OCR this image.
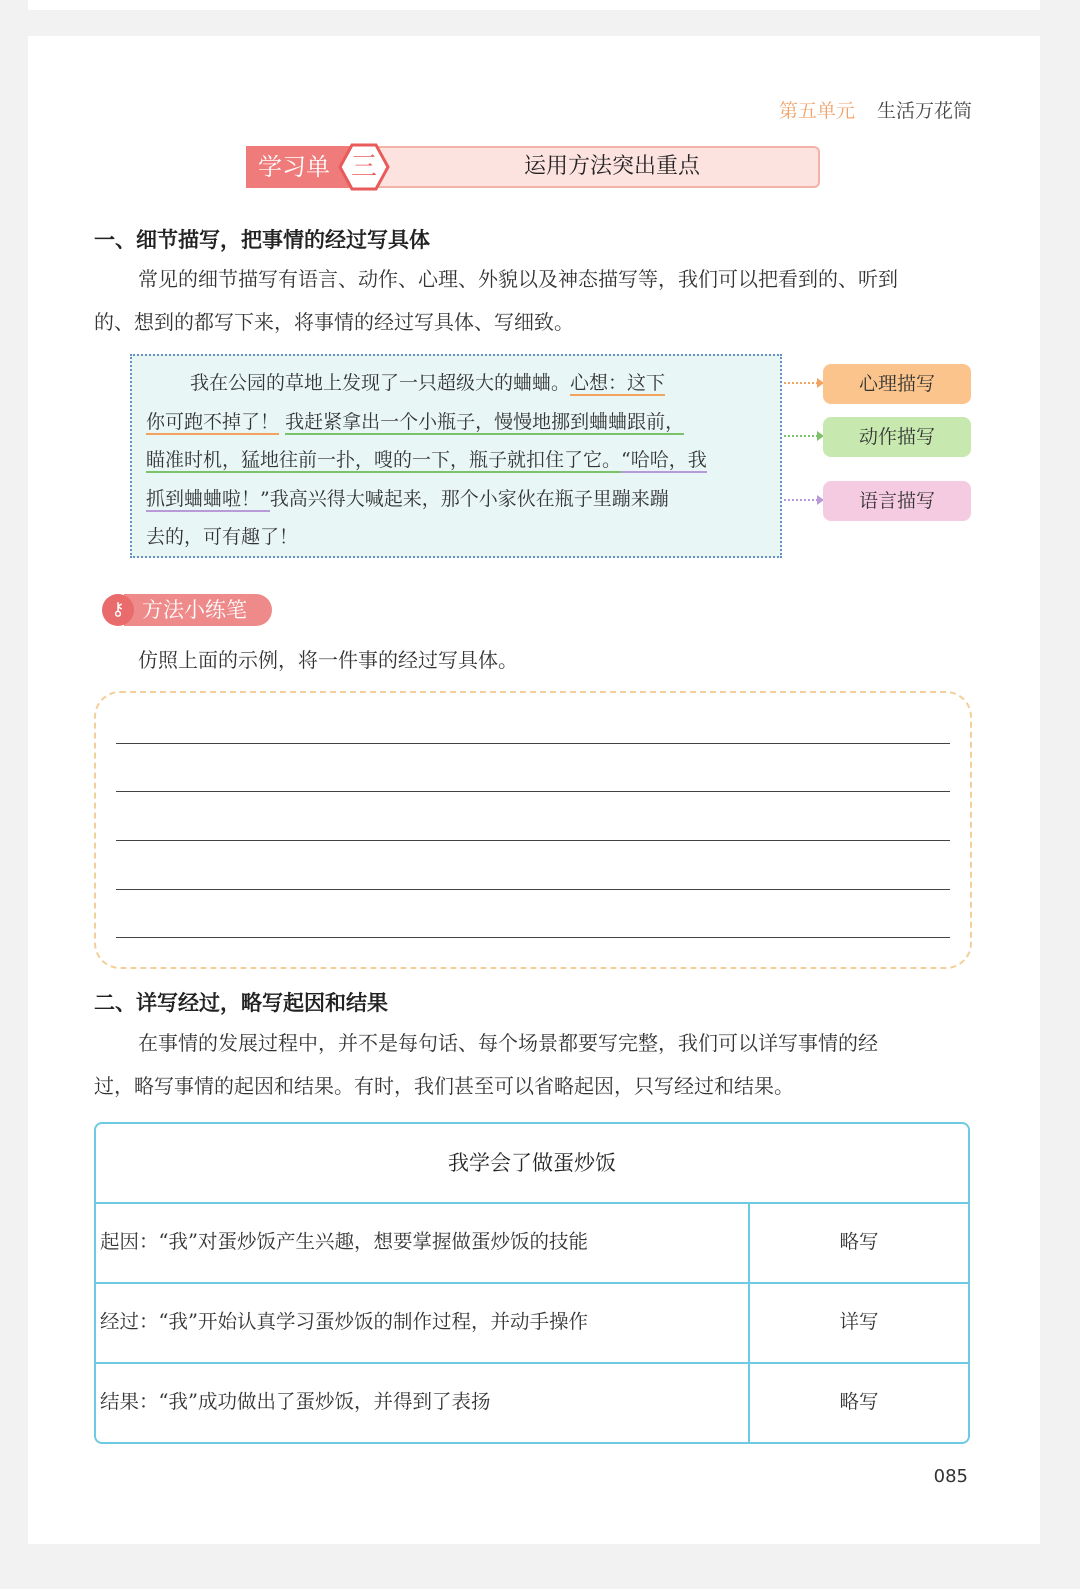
第五单元 生活万花筒
学习单	运用方法突出重点
三
一、细节描写，把事情的经过写具体
常见的细节描写有语言、动作、心理、外貌以及神态描写等，我们可以把看到的、听到
的、想到的都写下来，将事情的经过写具体、写细致。
我在公园的草地上发现了一只超级大的蛐蛐。心想：这下
你可跑不掉了！ 我赶紧拿出一个小瓶子，慢慢地挪到蛐蛐跟前，
瞄准时机，猛地往前一扑，嗖的一下，瓶子就扣住了它。“哈哈，我
抓到蛐蛐啦！”我高兴得大喊起来，那个小家伙在瓶子里蹦来蹦
去的，可有趣了！
心理描写
动作描写
语言描写
方法小练笔
⚷
仿照上面的示例，将一件事的经过写具体。
二、详写经过，略写起因和结果
在事情的发展过程中，并不是每句话、每个场景都要写完整，我们可以详写事情的经
过，略写事情的起因和结果。有时，我们甚至可以省略起因，只写经过和结果。
我学会了做蛋炒饭
起因：“我”对蛋炒饭产生兴趣，想要掌握做蛋炒饭的技能	略写
经过：“我”开始认真学习蛋炒饭的制作过程，并动手操作	详写
结果：“我”成功做出了蛋炒饭，并得到了表扬	略写
085
